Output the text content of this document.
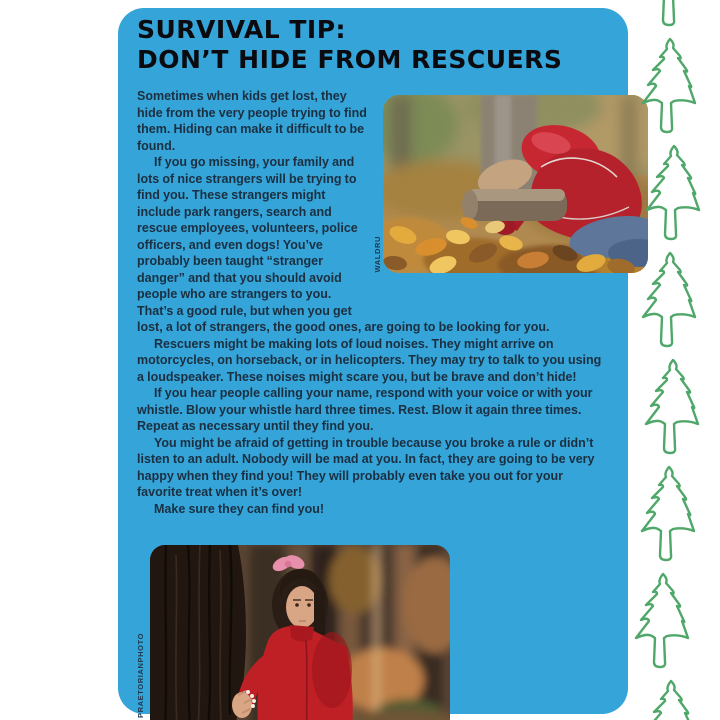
SURVIVAL TIP:
DON’T HIDE FROM RESCUERS
WALDRU

Sometimes when kids get lost, they hide from the very people trying to find them. Hiding can make it difficult to be found.

If you go missing, your family and lots of nice strangers will be trying to find you. These strangers might include park rangers, search and rescue employees, volunteers, police officers, and even dogs! You’ve probably been taught “stranger danger” and that you should avoid people who are strangers to you. That’s a good rule, but when you get lost, a lot of strangers, the good ones, are going to be looking for you.

Rescuers might be making lots of loud noises. They might arrive on motorcycles, on horseback, or in helicopters. They may try to talk to you using a loudspeaker. These noises might scare you, but be brave and don’t hide!

If you hear people calling your name, respond with your voice or with your whistle. Blow your whistle hard three times. Rest. Blow it again three times. Repeat as necessary until they find you.

You might be afraid of getting in trouble because you broke a rule or didn’t listen to an adult. Nobody will be mad at you. In fact, they are going to be very happy when they find you! They will probably even take you out for your favorite treat when it’s over!

Make sure they can find you!

PRAETORIANPHOTO
